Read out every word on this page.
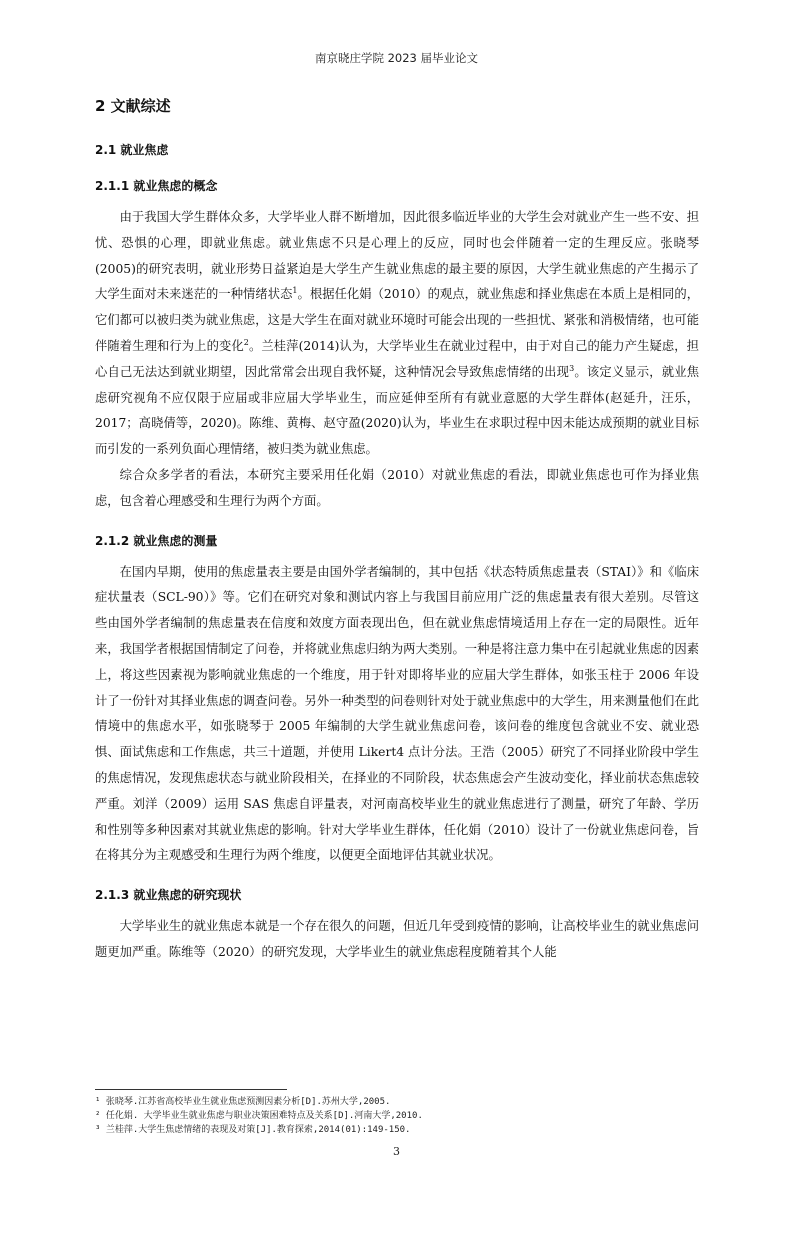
南京晓庄学院 2023 届毕业论文
2 文献综述
2.1 就业焦虑
2.1.1 就业焦虑的概念

由于我国大学生群体众多，大学毕业人群不断增加，因此很多临近毕业的大学生会对就业产生一些不安、担忧、恐惧的心理，即就业焦虑。就业焦虑不只是心理上的反应，同时也会伴随着一定的生理反应。张晓琴(2005)的研究表明，就业形势日益紧迫是大学生产生就业焦虑的最主要的原因，大学生就业焦虑的产生揭示了大学生面对未来迷茫的一种情绪状态$^1$。根据任化娟（2010）的观点，就业焦虑和择业焦虑在本质上是相同的，它们都可以被归类为就业焦虑，这是大学生在面对就业环境时可能会出现的一些担忧、紧张和消极情绪，也可能伴随着生理和行为上的变化$^2$。兰桂萍(2014)认为，大学毕业生在就业过程中，由于对自己的能力产生疑虑，担心自己无法达到就业期望，因此常常会出现自我怀疑，这种情况会导致焦虑情绪的出现$^3$。该定义显示，就业焦虑研究视角不应仅限于应届或非应届大学毕业生，而应延伸至所有有就业意愿的大学生群体(赵延升，汪乐，2017；高晓倩等，2020)。陈维、黄梅、赵守盈(2020)认为，毕业生在求职过程中因未能达成预期的就业目标而引发的一系列负面心理情绪，被归类为就业焦虑。

综合众多学者的看法，本研究主要采用任化娟（2010）对就业焦虑的看法，即就业焦虑也可作为择业焦虑，包含着心理感受和生理行为两个方面。

2.1.2 就业焦虑的测量

在国内早期，使用的焦虑量表主要是由国外学者编制的，其中包括《状态特质焦虑量表（STAI）》和《临床症状量表（SCL-90）》等。它们在研究对象和测试内容上与我国目前应用广泛的焦虑量表有很大差别。尽管这些由国外学者编制的焦虑量表在信度和效度方面表现出色，但在就业焦虑情境适用上存在一定的局限性。近年来，我国学者根据国情制定了问卷，并将就业焦虑归纳为两大类别。一种是将注意力集中在引起就业焦虑的因素上，将这些因素视为影响就业焦虑的一个维度，用于针对即将毕业的应届大学生群体，如张玉柱于 2006 年设计了一份针对其择业焦虑的调查问卷。另外一种类型的问卷则针对处于就业焦虑中的大学生，用来测量他们在此情境中的焦虑水平，如张晓琴于 2005 年编制的大学生就业焦虑问卷，该问卷的维度包含就业不安、就业恐惧、面试焦虑和工作焦虑，共三十道题，并使用 Likert4 点计分法。王浩（2005）研究了不同择业阶段中学生的焦虑情况，发现焦虑状态与就业阶段相关，在择业的不同阶段，状态焦虑会产生波动变化，择业前状态焦虑较严重。刘洋（2009）运用 SAS 焦虑自评量表，对河南高校毕业生的就业焦虑进行了测量，研究了年龄、学历和性别等多种因素对其就业焦虑的影响。针对大学毕业生群体，任化娟（2010）设计了一份就业焦虑问卷，旨在将其分为主观感受和生理行为两个维度，以便更全面地评估其就业状况。

2.1.3 就业焦虑的研究现状

大学毕业生的就业焦虑本就是一个存在很久的问题，但近几年受到疫情的影响，让高校毕业生的就业焦虑问题更加严重。陈维等（2020）的研究发现，大学毕业生的就业焦虑程度随着其个人能

¹ 张晓琴.江苏省高校毕业生就业焦虑预测因素分析[D].苏州大学,2005.
² 任化娟. 大学毕业生就业焦虑与职业决策困难特点及关系[D].河南大学,2010.
³ 兰桂萍.大学生焦虑情绪的表现及对策[J].教育探索,2014(01):149-150.
3
